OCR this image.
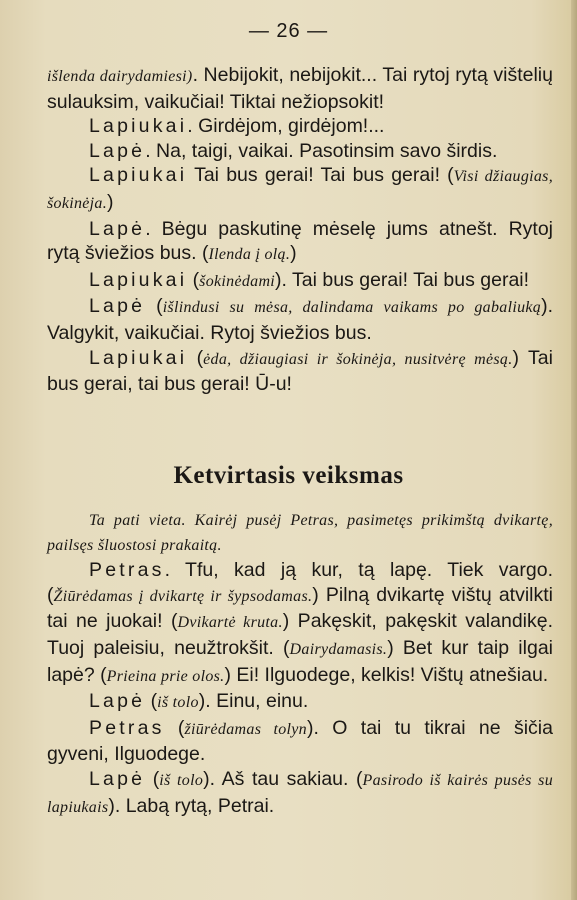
— 26 —
išlenda dairydamiesi). Nebijokit, nebijokit... Tai rytoj rytą vištelių sulauksim, vaikučiai! Tiktai nežiopsokit!
Lapiukai. Girdėjom, girdėjom!...
Lapė. Na, taigi, vaikai. Pasotinsim savo širdis.
Lapiukai Tai bus gerai! Tai bus gerai! (Visi džiaugias, šokinėja.)
Lapė. Bėgu paskutinę mėselę jums atnešt. Rytoj rytą šviežios bus. (Ilenda į olą.)
Lapiukai (šokinėdami). Tai bus gerai! Tai bus gerai!
Lapė (išlindusi su mėsa, dalindama vaikams po gabaliuką). Valgykit, vaikučiai. Rytoj šviežios bus.
Lapiukai (ėda, džiaugiasi ir šokinėja, nusitvėrę mėsą.) Tai bus gerai, tai bus gerai! Ū-u!
Ketvirtasis veiksmas
Ta pati vieta. Kairėj pusėj Petras, pasimetęs prikimštą dvikartę, pailsęs šluostosi prakaitą.
Petras. Tfu, kad ją kur, tą lapę. Tiek vargo. (Žiūrėdamas į dvikartę ir šypsodamas.) Pilną dvikartę vištų atvilkti tai ne juokai! (Dvikartė kruta.) Pakęskit, pakęskit valandikę. Tuoj paleisiu, neužtrokšit. (Dairydamasis.) Bet kur taip ilgai lapė? (Prieina prie olos.) Ei! Ilguodege, kelkis! Vištų atnešiau.
Lapė (iš tolo). Einu, einu.
Petras (žiūrėdamas tolyn). O tai tu tikrai ne šičia gyveni, Ilguodege.
Lapė (iš tolo). Aš tau sakiau. (Pasirodo iš kairės pusės su lapiukais). Labą rytą, Petrai.
